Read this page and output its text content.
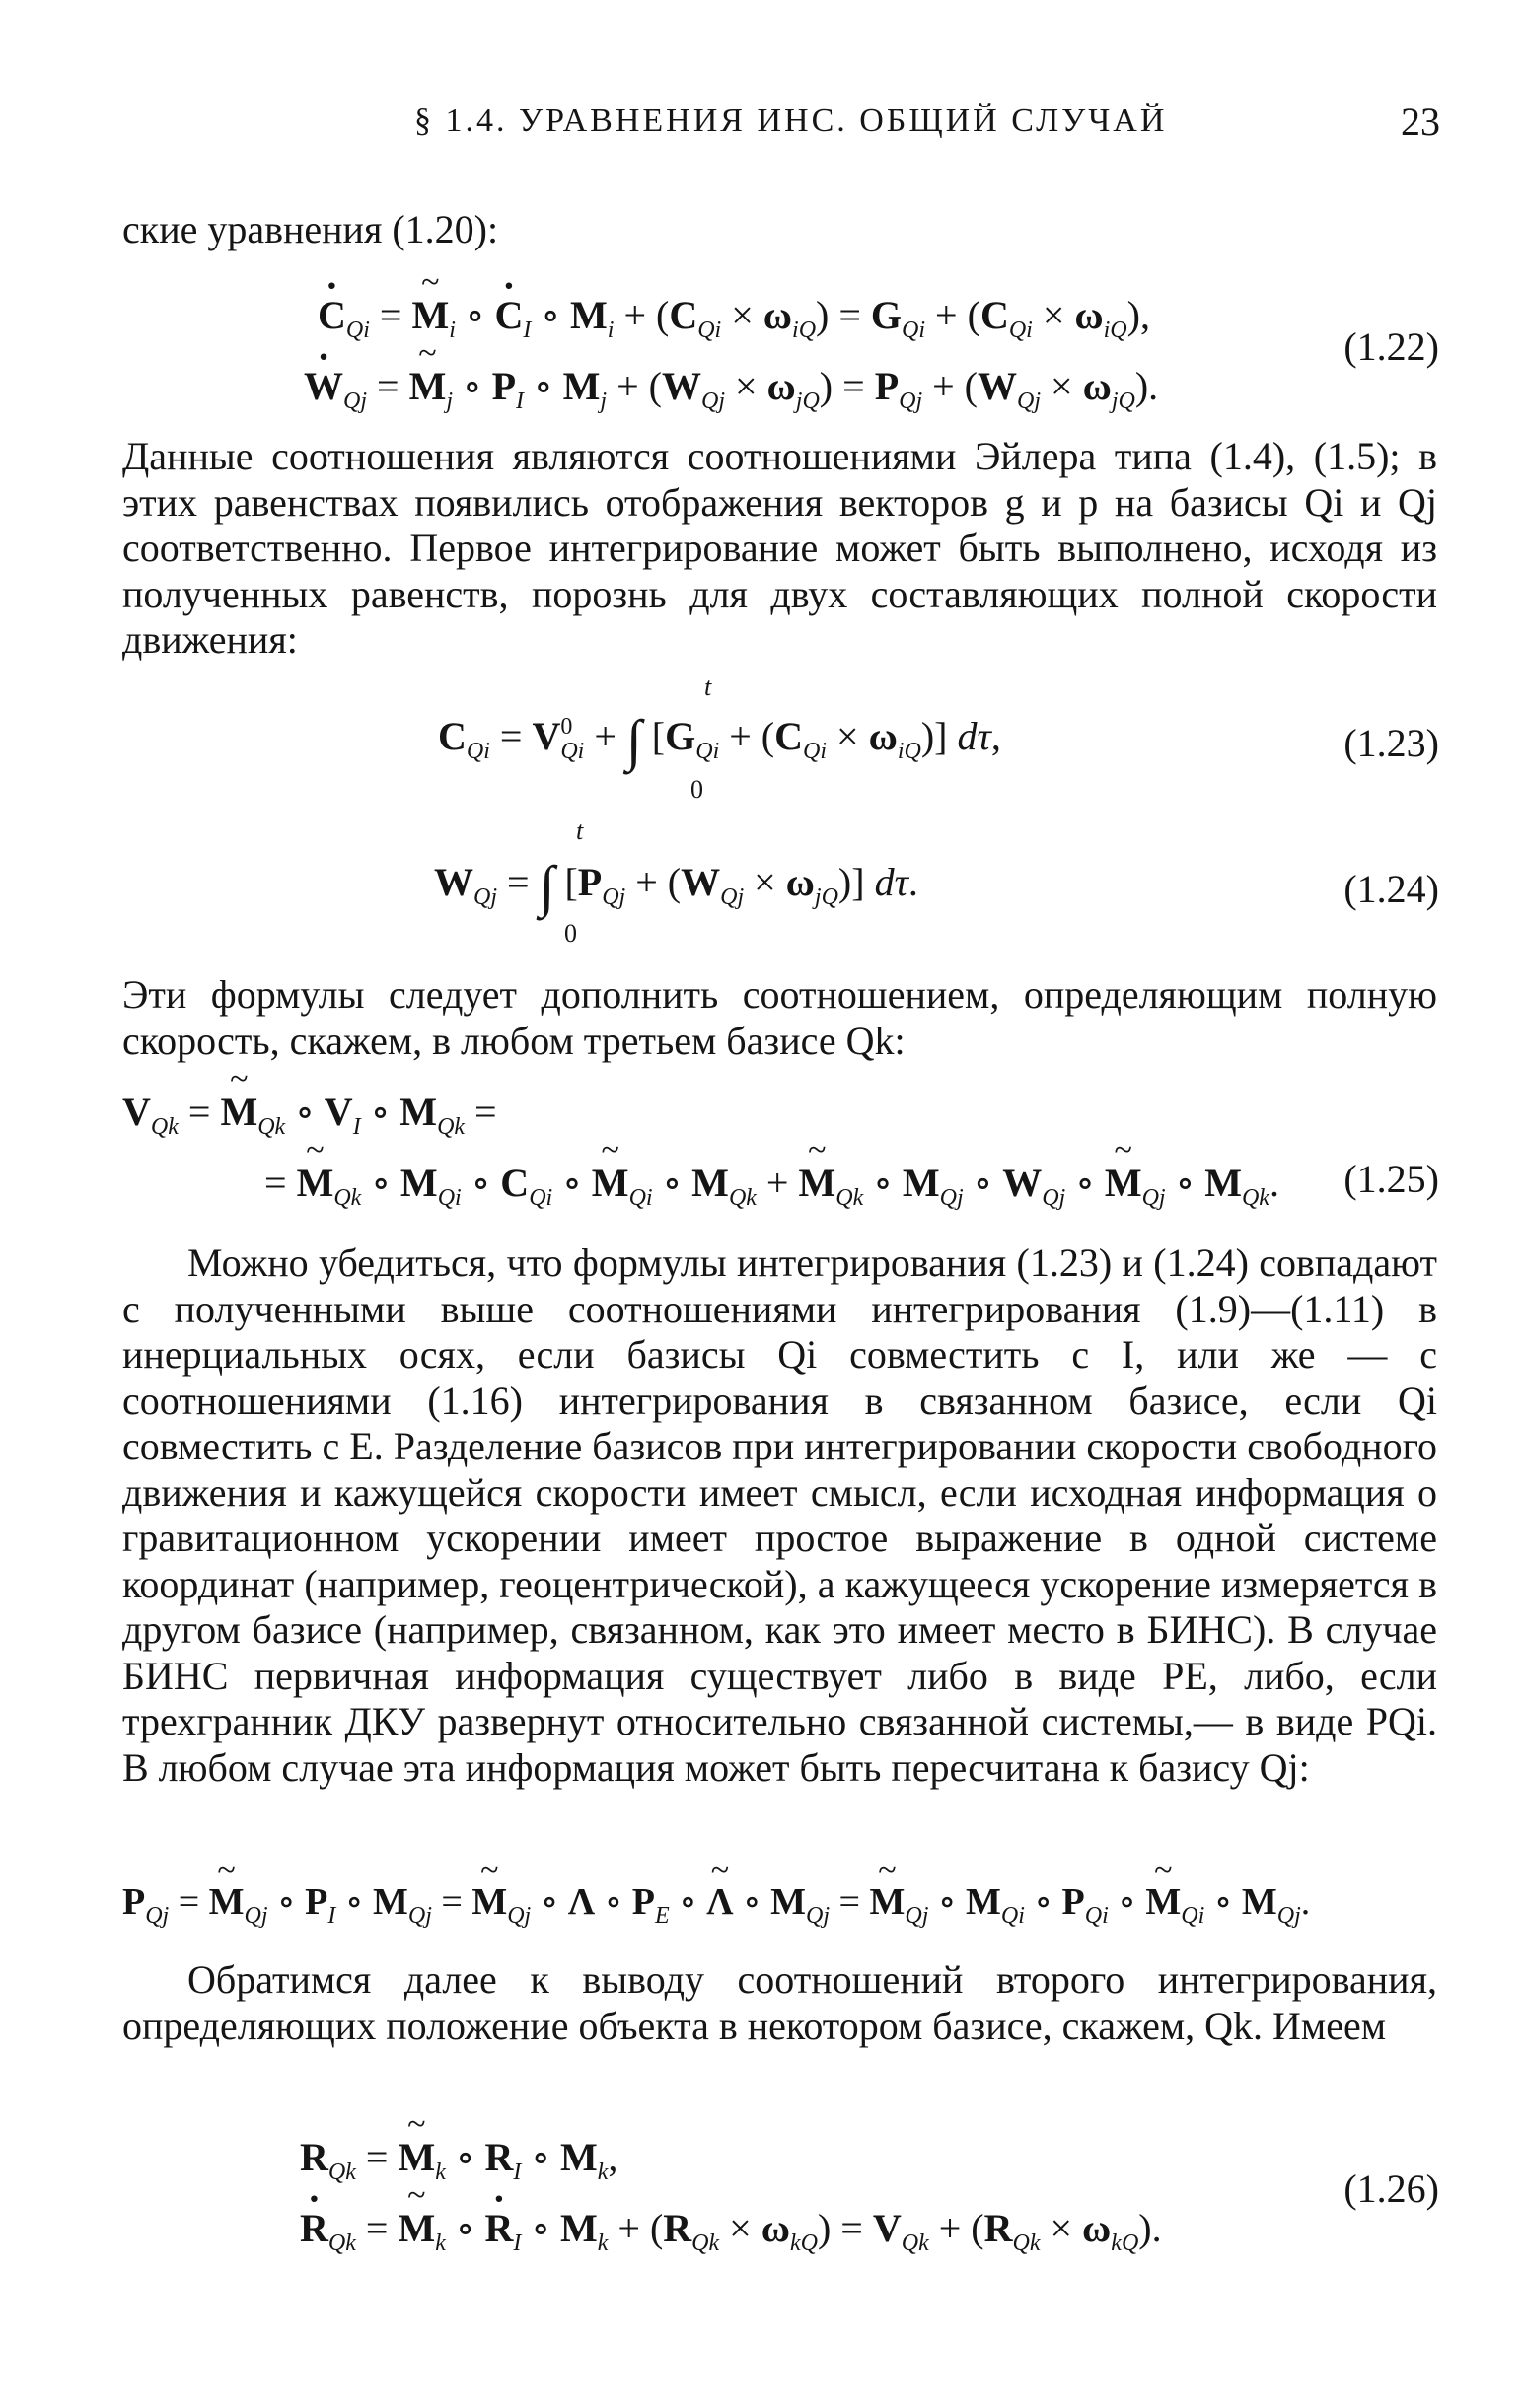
§ 1.4. УРАВНЕНИЯ ИНС. ОБЩИЙ СЛУЧАЙ	23

ские уравнения (1.20):

· $C_{Qi}$ = ~ $M_i$ ∘ · $C_I$ ∘ $M_i + (C_{Qi} \times \omega_{iQ}) = G_{Qi} + (C_{Qi} \times \omega_{iQ})$,
· $W_{Qj}$ = ~ $M_j$ ∘ $P_I$ ∘ $M_j + (W_{Qj} \times \omega_{jQ}) = P_{Qj} + (W_{Qj} \times \omega_{jQ})$.
(1.22)

Данные соотношения являются соотношениями Эйлера типа (1.4), (1.5); в этих равенствах появились отображения векторов g и p на базисы Qi и Qj соответственно. Первое интегрирование может быть выполнено, исходя из полученных равенств, порознь для двух составляющих полной скорости движения:

$C_{Qi} = V^0_{Qi}$ + ∫ $[G_{Qi} + (C_{Qi} \times \omega_{iQ})]$ dτ,
t
0
(1.23)
$W_{Qj}$ = ∫ $[P_{Qj} + (W_{Qj} \times \omega_{jQ})]$ dτ.
t
0
(1.24)

Эти формулы следует дополнить соотношением, определяющим полную скорость, скажем, в любом третьем базисе Qk:

$V_{Qk}$ = ~ $M_{Qk}$ ∘ $V_I$ ∘ $M_{Qk}$ =
= ~ $M_{Qk}$ ∘ $M_{Qi}$ ∘ $C_{Qi}$ ∘ ~ $M_{Qi}$ ∘ $M_{Qk}$ + ~ $M_{Qk}$ ∘ $M_{Qj}$ ∘ $W_{Qj}$ ∘ ~ $M_{Qj}$ ∘ $M_{Qk}$. (1.25)

Можно убедиться, что формулы интегрирования (1.23) и (1.24) совпадают с полученными выше соотношениями интегрирования (1.9)—(1.11) в инерциальных осях, если базисы Qi совместить с I, или же — с соотношениями (1.16) интегрирования в связанном базисе, если Qi совместить с E. Разделение базисов при интегрировании скорости свободного движения и кажущейся скорости имеет смысл, если исходная информация о гравитационном ускорении имеет простое выражение в одной системе координат (например, геоцентрической), а кажущееся ускорение измеряется в другом базисе (например, связанном, как это имеет место в БИНС). В случае БИНС первичная информация существует либо в виде PE, либо, если трехгранник ДКУ развернут относительно связанной системы,— в виде PQi. В любом случае эта информация может быть пересчитана к базису Qj:

$P_{Qj}$ = ~ $M_{Qj}$ ∘ $P_I$ ∘ $M_{Qj}$ = ~ $M_{Qj}$ ∘ Λ ∘ $P_E$ ∘ ~ Λ ∘ $M_{Qj}$ = ~ $M_{Qj}$ ∘ $M_{Qi}$ ∘ $P_{Qi}$ ∘ ~ $M_{Qi}$ ∘ $M_{Qj}$.

Обратимся далее к выводу соотношений второго интегрирования, определяющих положение объекта в некотором базисе, скажем, Qk. Имеем

$R_{Qk}$ = ~ $M_k$ ∘ $R_I$ ∘ $M_k$,
· $R_{Qk}$ = ~ $M_k$ ∘ · $R_I$ ∘ $M_k + (R_{Qk} \times \omega_{kQ}) = V_{Qk} + (R_{Qk} \times \omega_{kQ})$.
(1.26)
